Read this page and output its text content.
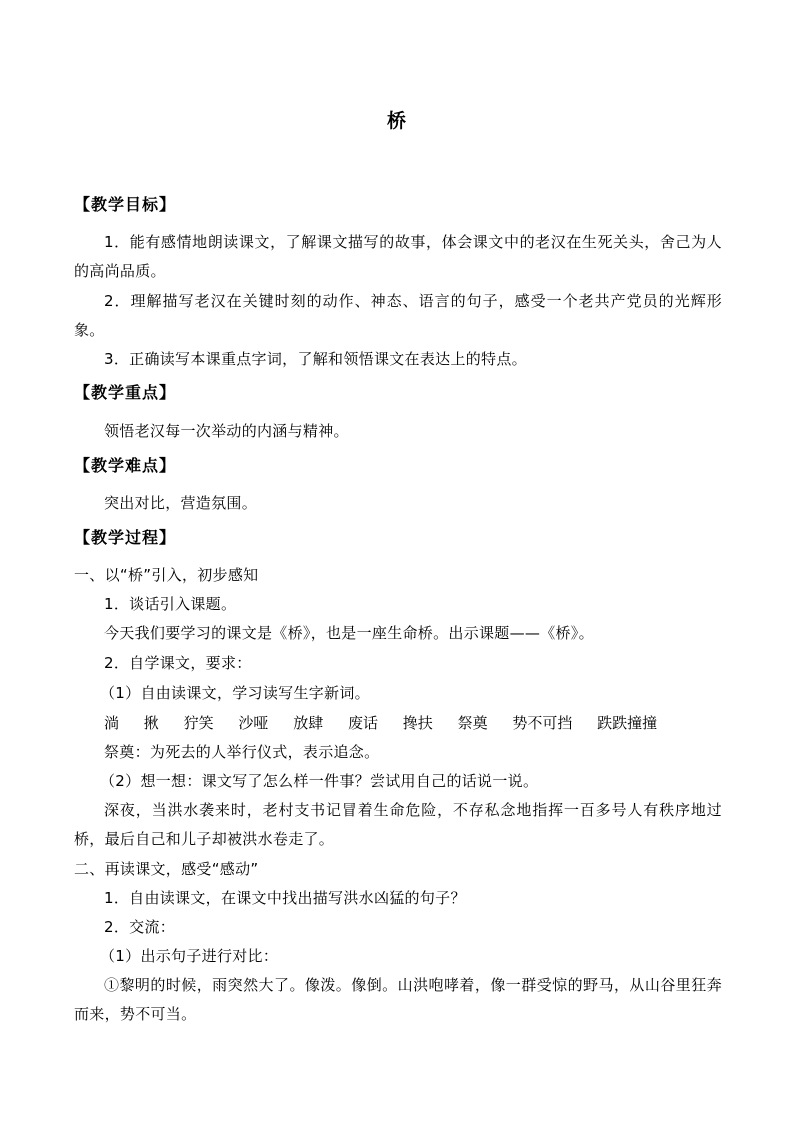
桥
【教学目标】
1．能有感情地朗读课文，了解课文描写的故事，体会课文中的老汉在生死关头，舍己为人的高尚品质。
2．理解描写老汉在关键时刻的动作、神态、语言的句子，感受一个老共产党员的光辉形象。
3．正确读写本课重点字词，了解和领悟课文在表达上的特点。
【教学重点】
领悟老汉每一次举动的内涵与精神。
【教学难点】
突出对比，营造氛围。
【教学过程】
一、以“桥”引入，初步感知
1．谈话引入课题。
今天我们要学习的课文是《桥》，也是一座生命桥。出示课题——《桥》。
2．自学课文，要求：
（1）自由读课文，学习读写生字新词。
淌 揪 狞笑 沙哑 放肆 废话 搀扶 祭奠 势不可挡 跌跌撞撞
祭奠：为死去的人举行仪式，表示追念。
（2）想一想：课文写了怎么样一件事？尝试用自己的话说一说。
深夜，当洪水袭来时，老村支书记冒着生命危险，不存私念地指挥一百多号人有秩序地过桥，最后自己和儿子却被洪水卷走了。
二、再读课文，感受“感动”
1．自由读课文，在课文中找出描写洪水凶猛的句子？
2．交流：
（1）出示句子进行对比：
①黎明的时候，雨突然大了。像泼。像倒。山洪咆哮着，像一群受惊的野马，从山谷里狂奔而来，势不可当。
